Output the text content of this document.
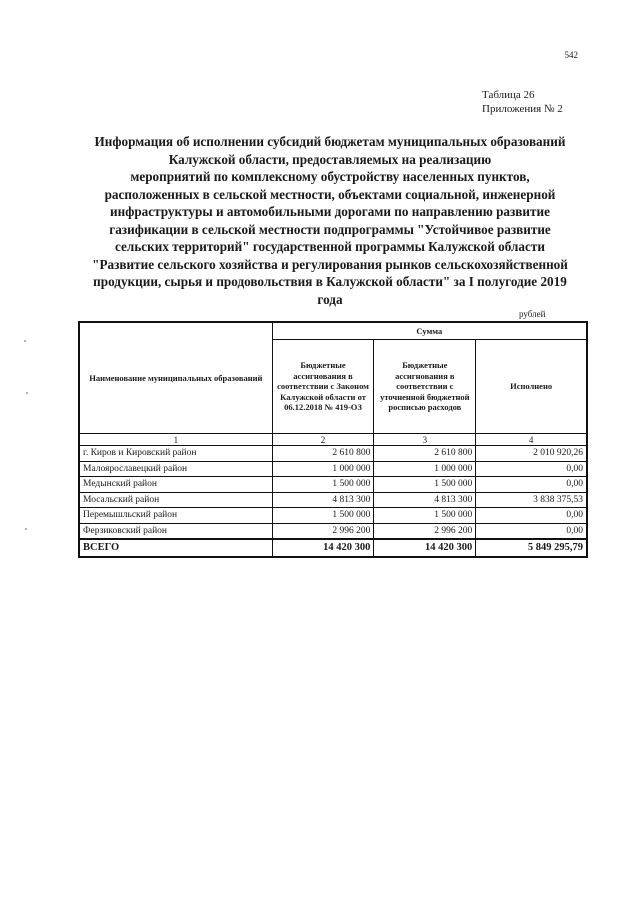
542
Таблица 26
Приложения № 2
Информация об исполнении субсидий бюджетам муниципальных образований
Калужской области, предоставляемых на реализацию
мероприятий по комплексному обустройству населенных пунктов,
расположенных в сельской местности, объектами социальной, инженерной
инфраструктуры и автомобильными дорогами по направлению развитие
газификации в сельской местности подпрограммы "Устойчивое развитие
сельских территорий" государственной программы Калужской области
"Развитие сельского хозяйства и регулирования рынков сельскохозяйственной
продукции, сырья и продовольствия в Калужской области" за I полугодие 2019
года
рублей
Наименование муниципальных образований	Сумма		
	Бюджетные ассигнования в соответствии с Законом Калужской области от 06.12.2018 № 419-ОЗ	Бюджетные ассигнования в соответствии с уточненной бюджетной росписью расходов	Исполнено
1	2	3	4
г. Киров и Кировский район	2 610 800	2 610 800	2 010 920,26
Малоярославецкий район	1 000 000	1 000 000	0,00
Медынский район	1 500 000	1 500 000	0,00
Мосальский район	4 813 300	4 813 300	3 838 375,53
Перемышльский район	1 500 000	1 500 000	0,00
Ферзиковский район	2 996 200	2 996 200	0,00
ВСЕГО	14 420 300	14 420 300	5 849 295,79
